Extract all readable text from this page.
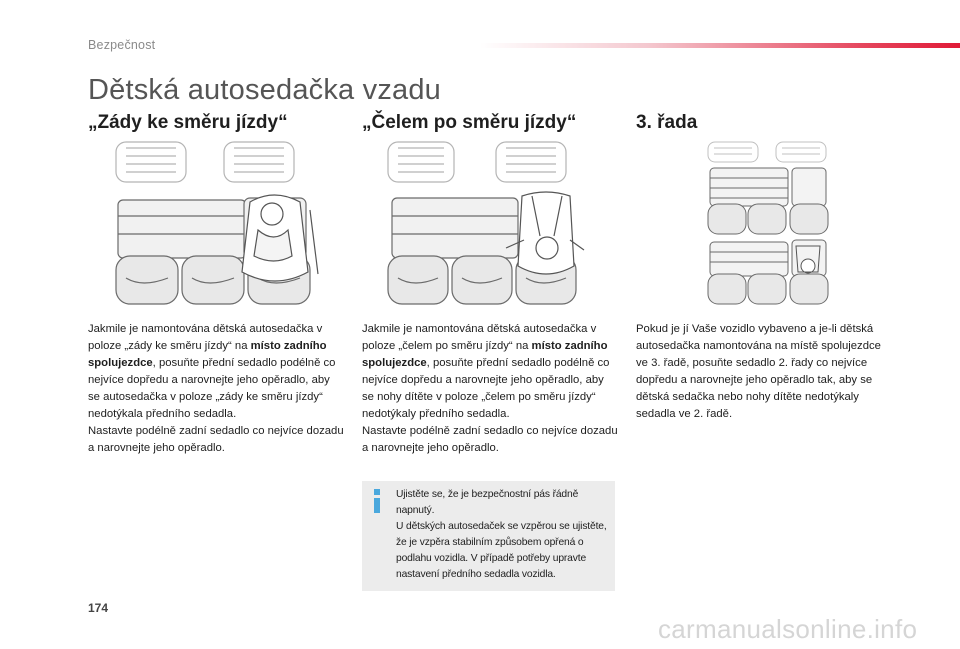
Bezpečnost
Dětská autosedačka vzadu
„Zády ke směru jízdy“
Jakmile je namontována dětská autosedačka v poloze „zády ke směru jízdy“ na místo zadního spolujezdce, posuňte přední sedadlo podélně co nejvíce dopředu a narovnejte jeho opěradlo, aby se autosedačka v poloze „zády ke směru jízdy“ nedotýkala předního sedadla.
Nastavte podélně zadní sedadlo co nejvíce dozadu a narovnejte jeho opěradlo.
„Čelem po směru jízdy“
Jakmile je namontována dětská autosedačka v poloze „čelem po směru jízdy“ na místo zadního spolujezdce, posuňte přední sedadlo podélně co nejvíce dopředu a narovnejte jeho opěradlo, aby se nohy dítěte v poloze „čelem po směru jízdy“ nedotýkaly předního sedadla.
Nastavte podélně zadní sedadlo co nejvíce dozadu a narovnejte jeho opěradlo.
3. řada
Pokud je jí Vaše vozidlo vybaveno a je-li dětská autosedačka namontována na místě spolujezdce ve 3. řadě, posuňte sedadlo 2. řady co nejvíce dopředu a narovnejte jeho opěradlo tak, aby se dětská sedačka nebo nohy dítěte nedotýkaly sedadla ve 2. řadě.
Ujistěte se, že je bezpečnostní pás řádně napnutý.
U dětských autosedaček se vzpěrou se ujistěte, že je vzpěra stabilním způsobem opřená o podlahu vozidla. V případě potřeby upravte nastavení předního sedadla vozidla.
174
carmanualsonline.info
